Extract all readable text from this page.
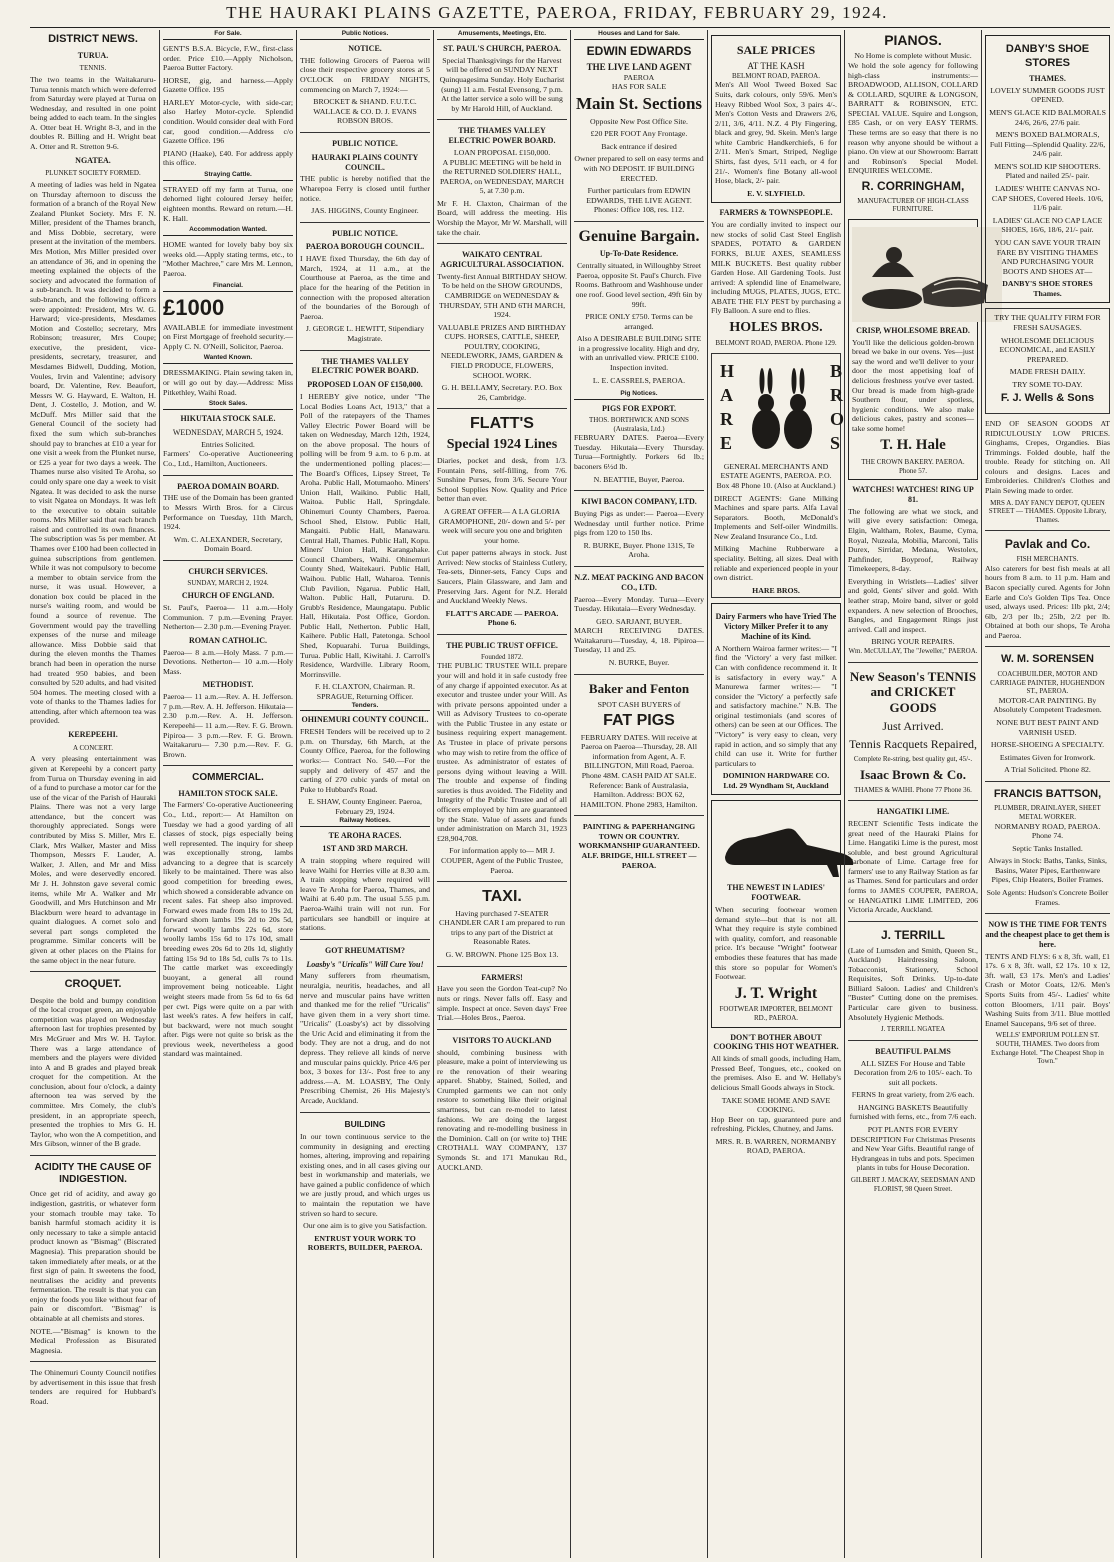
THE HAURAKI PLAINS GAZETTE, PAEROA, FRIDAY, FEBRUARY 29, 1924.
DISTRICT NEWS.
TURUA.
TENNIS.

The two teams in the Waitakaruru-Turua tennis match which were deferred from Saturday were played at Turua on Wednesday, and resulted in one point being added to each team. In the singles A. Otter beat H. Wright 8-3, and in the doubles R. Billing and H. Wright beat A. Otter and R. Stretton 9-6.

NGATEA.
PLUNKET SOCIETY FORMED.

A meeting of ladies was held in Ngatea on Thursday afternoon to discuss the formation of a branch of the Royal New Zealand Plunket Society. Mrs F. N. Miller, president of the Thames branch, and Miss Dobbie, secretary, were present at the invitation of the members. Mrs Motion, Mrs Miller presided over an attendance of 36, and in opening the meeting explained the objects of the society and advocated the formation of a sub-branch. It was decided to form a sub-branch, and the following officers were appointed: President, Mrs W. G. Harward; vice-presidents, Mesdames Motion and Costello; secretary, Mrs Robinson; treasurer, Mrs Coupe; executive, the president, vice-presidents, secretary, treasurer, and Mesdames Bidwell, Dudding, Motion, Voules, Irvin and Valentine; advisory board, Dr. Valentine, Rev. Beaufort, Messrs W. G. Hayward, E. Walton, H. Dent, J. Costello, J. Motion, and W. McDuff. Mrs Miller said that the General Council of the society had fixed the sum which sub-branches should pay to branches at £10 a year for one visit a week from the Plunket nurse, or £25 a year for two days a week. The Thames nurse also visited Te Aroha, so could only spare one day a week to visit Ngatea. It was decided to ask the nurse to visit Ngatea on Mondays. It was left to the executive to obtain suitable rooms. Mrs Miller said that each branch raised and controlled its own finances. The subscription was 5s per member. At Thames over £100 had been collected in guinea subscriptions from gentlemen. While it was not compulsory to become a member to obtain service from the nurse, it was usual. However, a donation box could be placed in the nurse's waiting room, and would be found a source of revenue. The Government would pay the travelling expenses of the nurse and mileage allowance. Miss Dobbie said that during the eleven months the Thames branch had been in operation the nurse had treated 950 babies, and been consulted by 520 adults, and had visited 504 homes. The meeting closed with a vote of thanks to the Thames ladies for attending, after which afternoon tea was provided.

KEREPEEHI.
A CONCERT.

A very pleasing entertainment was given at Kerepeehi by a concert party from Turua on Thursday evening in aid of a fund to purchase a motor car for the use of the vicar of the Parish of Hauraki Plains. There was not a very large attendance, but the concert was thoroughly appreciated. Songs were contributed by Miss S. Miller, Mrs E. Clark, Mrs Walker, Master and Miss Thompson, Messrs F. Lauder, A. Walker, J. Allen, and Mr and Miss Moles, and were deservedly encored. Mr J. H. Johnston gave several comic items, while Mr A. Walker and Mr Goodwill, and Mrs Hutchinson and Mr Blackburn were heard to advantage in quaint dialogues. A cornet solo and several part songs completed the programme. Similar concerts will be given at other places on the Plains for the same object in the near future.

CROQUET.

Despite the bold and bumpy condition of the local croquet green, an enjoyable competition was played on Wednesday afternoon last for trophies presented by Mrs McGruer and Mrs W. H. Taylor. There was a large attendance of members and the players were divided into A and B grades and played break croquet for the competition. At the conclusion, about four o'clock, a dainty afternoon tea was served by the committee. Mrs Comely, the club's president, in an appropriate speech, presented the trophies to Mrs G. H. Taylor, who won the A competition, and Mrs Gibson, winner of the B grade.

ACIDITY THE CAUSE OF INDIGESTION.

Once get rid of acidity, and away go indigestion, gastritis, or whatever form your stomach trouble may take. To banish harmful stomach acidity it is only necessary to take a simple antacid product known as "Bismag" (Biscrated Magnesia). This preparation should be taken immediately after meals, or at the first sign of pain. It sweetens the food, neutralises the acidity and prevents fermentation. The result is that you can enjoy the foods you like without fear of pain or discomfort. "Bismag" is obtainable at all chemists and stores.

NOTE.—"Bismag" is known to the Medical Profession as Bisurated Magnesia.

The Ohinemuri County Council notifies by advertisement in this issue that fresh tenders are required for Hubbard's Road.

For Sale.

GENT'S B.S.A. Bicycle, F.W., first-class order. Price £10.—Apply Nicholson, Paeroa Butter Factory.

HORSE, gig, and harness.—Apply Gazette Office. 195

HARLEY Motor-cycle, with side-car; also Harley Motor-cycle. Splendid condition. Would consider deal with Ford car, good condition.—Address c/o Gazette Office. 196

PIANO (Haake), £40. For address apply this office.

Straying Cattle.

STRAYED off my farm at Turua, one dehorned light coloured Jersey heifer, eighteen months. Reward on return.—H. K. Hall.

Accommodation Wanted.

HOME wanted for lovely baby boy six weeks old.—Apply stating terms, etc., to "Mother Machree," care Mrs M. Lennon, Paeroa.

Financial.
£1000

AVAILABLE for immediate investment on First Mortgage of freehold security.—Apply C. N. O'Neill, Solicitor, Paeroa.

Wanted Known.

DRESSMAKING. Plain sewing taken in, or will go out by day.—Address: Miss Pitkethley, Waihi Road.

Stock Sales.
HIKUTAIA STOCK SALE.
WEDNESDAY, MARCH 5, 1924.
Entries Solicited.

Farmers' Co-operative Auctioneering Co., Ltd., Hamilton, Auctioneers.

PAEROA DOMAIN BOARD.

THE use of the Domain has been granted to Messrs Wirth Bros. for a Circus Performance on Tuesday, 11th March, 1924.

Wm. C. ALEXANDER, Secretary, Domain Board.
CHURCH SERVICES.
SUNDAY, MARCH 2, 1924.
CHURCH OF ENGLAND.

St. Paul's, Paeroa— 11 a.m.—Holy Communion. 7 p.m.—Evening Prayer. Netherton— 2.30 p.m.—Evening Prayer.

ROMAN CATHOLIC.

Paeroa— 8 a.m.—Holy Mass. 7 p.m.—Devotions. Netherton— 10 a.m.—Holy Mass.

METHODIST.

Paeroa— 11 a.m.—Rev. A. H. Jefferson. 7 p.m.—Rev. A. H. Jefferson. Hikutaia— 2.30 p.m.—Rev. A. H. Jefferson. Kerepeehi— 11 a.m.—Rev. F. G. Brown. Pipiroa— 3 p.m.—Rev. F. G. Brown. Waitakaruru— 7.30 p.m.—Rev. F. G. Brown.

COMMERCIAL.
HAMILTON STOCK SALE.

The Farmers' Co-operative Auctioneering Co., Ltd., report:— At Hamilton on Tuesday we had a good yarding of all classes of stock, pigs especially being well represented. The inquiry for sheep was exceptionally strong, lambs advancing to a degree that is scarcely likely to be maintained. There was also good competition for breeding ewes, which showed a considerable advance on recent sales. Fat sheep also improved. Forward ewes made from 18s to 19s 2d, forward shorn lambs 19s 2d to 20s 5d, forward woolly lambs 22s 6d, store woolly lambs 15s 6d to 17s 10d, small breeding ewes 20s 6d to 20s 1d, slightly fatting 15s 9d to 18s 5d, culls 7s to 11s. The cattle market was exceedingly buoyant, a general all round improvement being noticeable. Light weight steers made from 5s 6d to 6s 6d per cwt. Pigs were quite on a par with last week's rates. A few heifers in calf, but backward, were not much sought after. Pigs were not quite so brisk as the previous week, nevertheless a good standard was maintained.

Public Notices.
NOTICE.

THE following Grocers of Paeroa will close their respective grocery stores at 5 O'CLOCK on FRIDAY NIGHTS, commencing on March 7, 1924:—

BROCKET & SHAND. F.U.T.C. WALLACE & CO. D. J. EVANS ROBSON BROS.
PUBLIC NOTICE.
HAURAKI PLAINS COUNTY COUNCIL.

THE public is hereby notified that the Wharepoa Ferry is closed until further notice.

JAS. HIGGINS, County Engineer.
PUBLIC NOTICE.
PAEROA BOROUGH COUNCIL.

I HAVE fixed Thursday, the 6th day of March, 1924, at 11 a.m., at the Courthouse at Paeroa, as the time and place for the hearing of the Petition in connection with the proposed alteration of the boundaries of the Borough of Paeroa.

J. GEORGE L. HEWITT, Stipendiary Magistrate.
THE THAMES VALLEY ELECTRIC POWER BOARD.
PROPOSED LOAN OF £150,000.

I HEREBY give notice, under "The Local Bodies Loans Act, 1913," that a Poll of the ratepayers of the Thames Valley Electric Power Board will be taken on Wednesday, March 12th, 1924, on the above proposal. The hours of polling will be from 9 a.m. to 6 p.m. at the undermentioned polling places:— The Board's Offices, Lipsey Street, Te Aroha. Public Hall, Motumaoho. Miners' Union Hall, Waikino. Public Hall, Waitoa. Public Hall, Springdale. Ohinemuri County Chambers, Paeroa. School Shed, Elstow. Public Hall, Mangaiti. Public Hall, Manawaru. Central Hall, Thames. Public Hall, Kopu. Miners' Union Hall, Karangahake. Council Chambers, Waihi. Ohinemuri County Shed, Waitekauri. Public Hall, Waihou. Public Hall, Waharoa. Tennis Club Pavilion, Ngarua. Public Hall, Walton. Public Hall, Putaruru. D. Grubb's Residence, Maungatapu. Public Hall, Hikutaia. Post Office, Gordon. Public Hall, Netherton. Public Hall, Kaihere. Public Hall, Patetonga. School Shed, Kopuarahi. Turua Buildings, Turua. Public Hall, Kiwitahi. J. Carroll's Residence, Wardville. Library Room, Morrinsville.

F. H. CLAXTON, Chairman. R. SPRAGUE, Returning Officer.
Tenders.
OHINEMURI COUNTY COUNCIL.

FRESH Tenders will be received up to 2 p.m. on Thursday, 6th March, at the County Office, Paeroa, for the following works:— Contract No. 540.—For the supply and delivery of 457 and the carting of 270 cubic yards of metal on Puke to Hubbard's Road.

E. SHAW, County Engineer. Paeroa, February 29, 1924.
Railway Notices.
TE AROHA RACES.
1ST AND 3RD MARCH.

A train stopping where required will leave Waihi for Herries ville at 8.30 a.m. A train stopping where required will leave Te Aroha for Paeroa, Thames, and Waihi at 6.40 p.m. The usual 5.55 p.m. Paeroa-Waihi train will not run. For particulars see handbill or inquire at stations.

GOT RHEUMATISM?
Loasby's "Uricalis" Will Cure You!

Many sufferers from rheumatism, neuralgia, neuritis, headaches, and all nerve and muscular pains have written and thanked me for the relief "Uricalis" have given them in a very short time. "Uricalis" (Loasby's) act by dissolving the Uric Acid and eliminating it from the body. They are not a drug, and do not depress. They relieve all kinds of nerve and muscular pains quickly. Price 4/6 per box, 3 boxes for 13/-. Post free to any address.—A. M. LOASBY, The Only Prescribing Chemist, 26 His Majesty's Arcade, Auckland.

BUILDING

In our town continuous service to the community in designing and erecting homes, altering, improving and repairing existing ones, and in all cases giving our best in workmanship and materials, we have gained a public confidence of which we are justly proud, and which urges us to maintain the reputation we have striven so hard to secure.

Our one aim is to give you Satisfaction.
ENTRUST YOUR WORK TO ROBERTS, BUILDER, PAEROA.
Amusements, Meetings, Etc.
ST. PAUL'S CHURCH, PAEROA.

Special Thanksgivings for the Harvest will be offered on SUNDAY NEXT Quinquagesima Sunday. Holy Eucharist (sung) 11 a.m. Festal Evensong, 7 p.m. At the latter service a solo will be sung by Mr Harold Hill, of Auckland.

THE THAMES VALLEY ELECTRIC POWER BOARD.
LOAN PROPOSAL £150,000.

A PUBLIC MEETING will be held in the RETURNED SOLDIERS' HALL, PAEROA, on WEDNESDAY, MARCH 5, at 7.30 p.m.

Mr F. H. Claxton, Chairman of the Board, will address the meeting. His Worship the Mayor, Mr W. Marshall, will take the chair.

WAIKATO CENTRAL AGRICULTURAL ASSOCIATION.
Twenty-first Annual BIRTHDAY SHOW.

To be held on the SHOW GROUNDS, CAMBRIDGE on WEDNESDAY & THURSDAY, 5TH AND 6TH MARCH, 1924.

VALUABLE PRIZES AND BIRTHDAY CUPS. HORSES, CATTLE, SHEEP, POULTRY, COOKING, NEEDLEWORK, JAMS, GARDEN & FIELD PRODUCE, FLOWERS, SCHOOL WORK.

G. H. BELLAMY, Secretary. P.O. Box 26, Cambridge.
FLATT'S
Special 1924 Lines

Diaries, pocket and desk, from 1/3. Fountain Pens, self-filling, from 7/6. Sunshine Purses, from 3/6. Secure Your School Supplies Now. Quality and Price better than ever.

A GREAT OFFER— A LA GLORIA GRAMOPHONE, 20/- down and 5/- per week will secure you one and brighten your home.

Cut paper patterns always in stock. Just Arrived: New stocks of Stainless Cutlery, Tea-sets, Dinner-sets, Fancy Cups and Saucers, Plain Glassware, and Jam and Preserving Jars. Agent for N.Z. Herald and Auckland Weekly News.

FLATT'S ARCADE — PAEROA. Phone 6.
THE PUBLIC TRUST OFFICE.
Founded 1872.

THE PUBLIC TRUSTEE WILL prepare your will and hold it in safe custody free of any charge if appointed executor. As at executor and trustee under your Will. As with private persons appointed under a Will as Advisory Trustees to co-operate with the Public Trustee in any estate or business requiring expert management. As Trustee in place of private persons who may wish to retire from the office of trustee. As administrator of estates of persons dying without leaving a Will. The trouble and expense of finding sureties is thus avoided. The Fidelity and Integrity of the Public Trustee and of all officers employed by him are guaranteed by the State. Value of assets and funds under administration on March 31, 1923 £28,904,708.

For information apply to— MR J. COUPER, Agent of the Public Trustee, Paeroa.

TAXI.

Having purchased 7-SEATER CHANDLER CAR I am prepared to run trips to any part of the District at Reasonable Rates.

G. W. BROWN. Phone 125 Box 13.
FARMERS!

Have you seen the Gordon Teat-cup? No nuts or rings. Never falls off. Easy and simple. Inspect at once. Seven days' Free Trial.—Holes Bros., Paeroa.

VISITORS TO AUCKLAND

should, combining business with pleasure, make a point of interviewing us re the renovation of their wearing apparel. Shabby, Stained, Soiled, and Crumpled garments we can not only restore to something like their original smartness, but can re-model to latest fashions. We are doing the largest renovating and re-modelling business in the Dominion. Call on (or write to) THE CROTHALL WAY COMPANY, 137 Symonds St. and 171 Manukau Rd., AUCKLAND.

Houses and Land for Sale.
EDWIN EDWARDS
THE LIVE LAND AGENT
PAEROA
HAS FOR SALE
Main St. Sections

Opposite New Post Office Site.

£20 PER FOOT Any Frontage.

Back entrance if desired

Owner prepared to sell on easy terms and with NO DEPOSIT. IF BUILDING ERECTED.

Further particulars from EDWIN EDWARDS, THE LIVE AGENT. Phones: Office 108, res. 112.

Genuine Bargain.
Up-To-Date Residence.

Centrally situated, in Willoughby Street Paeroa, opposite St. Paul's Church. Five Rooms. Bathroom and Washhouse under one roof. Good level section, 49ft 6in by 99ft.

PRICE ONLY £750. Terms can be arranged.

Also A DESIRABLE BUILDING SITE in a progressive locality. High and dry, with an unrivalled view. PRICE £100. Inspection invited.

L. E. CASSRELS, PAEROA.
Pig Notices.
PIGS FOR EXPORT.
THOS. BORTHWICK AND SONS (Australasia, Ltd.)

FEBRUARY DATES. Paeroa—Every Tuesday. Hikutaia—Every Thursday. Turua—Fortnightly. Porkers 6d lb.; baconers 6½d lb.

N. BEATTIE, Buyer, Paeroa.
KIWI BACON COMPANY, LTD.

Buying Pigs as under:— Paeroa—Every Wednesday until further notice. Prime pigs from 120 to 150 lbs.

R. BURKE, Buyer. Phone 131S, Te Aroha.
N.Z. MEAT PACKING AND BACON CO., LTD.

Paeroa—Every Monday. Turua—Every Tuesday. Hikutaia—Every Wednesday.

GEO. SARJANT, BUYER.

MARCH RECEIVING DATES. Waitakaruru—Tuesday, 4, 18. Pipiroa—Tuesday, 11 and 25.

N. BURKE, Buyer.
Baker and Fenton
SPOT CASH BUYERS of
FAT PIGS

FEBRUARY DATES. Will receive at Paeroa on Paeroa—Thursday, 28. All information from Agent, A. F. BILLINGTON, Mill Road, Paeroa. Phone 48M. CASH PAID AT SALE. Reference: Bank of Australasia, Hamilton. Address: BOX 62, HAMILTON. Phone 2983, Hamilton.

PAINTING & PAPERHANGING TOWN OR COUNTRY. WORKMANSHIP GUARANTEED. ALF. BRIDGE, HILL STREET — PAEROA.

SALE PRICES
AT THE KASH
BELMONT ROAD, PAEROA.

Men's All Wool Tweed Boxed Sac Suits, dark colours, only 59/6. Men's Heavy Ribbed Wool Sox, 3 pairs 4/-. Men's Cotton Vests and Drawers 2/6, 2/11, 3/6, 4/11. N.Z. 4 Ply Fingering, black and grey, 9d. Skein. Men's large white Cambric Handkerchiefs, 6 for 2/11. Men's Smart, Striped, Neglige Shirts, fast dyes, 5/11 each, or 4 for 21/-. Women's fine Botany all-wool Hose, black, 2/- pair.

E. V. SLYFIELD.
FARMERS & TOWNSPEOPLE.

You are cordially invited to inspect our new stocks of solid Cast Steel English SPADES, POTATO & GARDEN FORKS, BLUE AXES, SEAMLESS MILK BUCKETS. Best quality rubber Garden Hose. All Gardening Tools. Just arrived: A splendid line of Enamelware, including MUGS, PLATES, JUGS, ETC. ABATE THE FLY PEST by purchasing a Fly Balloon. A sure end to flies.

HOLES BROS.
BELMONT ROAD, PAEROA. Phone 129.
H
A
R
E
B
R
O
S

GENERAL MERCHANTS AND ESTATE AGENTS, PAEROA. P.O. Box 48 Phone 10. (Also at Auckland.)

DIRECT AGENTS: Gane Milking Machines and spare parts. Alfa Laval Separators. Booth, McDonald's Implements and Self-oiler Windmills. New Zealand Insurance Co., Ltd.

Milking Machine Rubberware a speciality. Belting, all sizes. Deal with reliable and experienced people in your own district.

HARE BROS.
Dairy Farmers who have Tried The Victory Milker Prefer it to any Machine of its Kind.

A Northern Wairoa farmer writes:— "I find the 'Victory' a very fast milker. Can with confidence recommend it. It is satisfactory in every way." A Manurewa farmer writes:— "I consider the 'Victory' a perfectly safe and satisfactory machine." N.B. The original testimonials (and scores of others) can be seen at our Offices. The "Victory" is very easy to clean, very rapid in action, and so simply that any child can use it. Write for further particulars to

DOMINION HARDWARE CO. Ltd. 29 Wyndham St, Auckland
THE NEWEST IN LADIES' FOOTWEAR.

When securing footwear women demand style—but that is not all. What they require is style combined with quality, comfort, and reasonable price. It's because "Wright" footwear embodies these features that has made this store so popular for Women's Footwear.

J. T. Wright
FOOTWEAR IMPORTER, BELMONT RD., PAEROA.
DON'T BOTHER ABOUT COOKING THIS HOT WEATHER.

All kinds of small goods, including Ham, Pressed Beef, Tongues, etc., cooked on the premises. Also E. and W. Hellaby's delicious Small Goods always in Stock.

TAKE SOME HOME AND SAVE COOKING.

Hop Beer on tap, guaranteed pure and refreshing. Pickles, Chutney, and Jams.

MRS. R. B. WARREN, NORMANBY ROAD, PAEROA.
PIANOS.
No Home is complete without Music.

We hold the sole agency for following high-class instruments:— BROADWOOD, ALLISON, COLLARD & COLLARD, SQUIRE & LONGSON, BARRATT & ROBINSON, ETC. SPECIAL VALUE. Squire and Longson, £85 Cash, or on very EASY TERMS. These terms are so easy that there is no reason why anyone should be without a piano. On view at our Showroom: Barratt and Robinson's Special Model. ENQUIRIES WELCOME.

R. CORRINGHAM,
MANUFACTURER OF HIGH-CLASS FURNITURE.
CRISP, WHOLESOME BREAD.

You'll like the delicious golden-brown bread we bake in our ovens. Yes—just say the word and we'll deliver to your door the most appetising loaf of delicious freshness you've ever tasted. Our bread is made from high-grade Southern flour, under spotless, hygienic conditions. We also make delicious cakes, pastry and scones—take some home!

T. H. Hale
THE CROWN BAKERY. PAEROA. Phone 57.
WATCHES! WATCHES! RING UP 81.

The following are what we stock, and will give every satisfaction: Omega, Elgin, Waltham, Rolex, Baume, Cyma, Royal, Nuzeala, Mobilia, Marconi, Talis Durex, Sirridar, Medana, Westolex, Pathfinder, Boyproof, Railway Timekeepers, 8-day.

Everything in Wristlets—Ladies' silver and gold, Gents' silver and gold. With leather strap, Moire band, silver or gold expanders. A new selection of Brooches, Bangles, and Engagement Rings just arrived. Call and inspect.

BRING YOUR REPAIRS.
Wm. McCULLAY, The "Jeweller," PAEROA.
New Season's TENNIS and CRICKET GOODS
Just Arrived.
Tennis Racquets Repaired,
Complete Re-string, best quality gut, 45/-.
Isaac Brown & Co.
THAMES & WAIHI. Phone 77 Phone 36.
HANGATIKI LIME.

RECENT Scientific Tests indicate the great need of the Hauraki Plains for Lime. Hangatiki Lime is the purest, most soluble, and best ground Agricultural Carbonate of Lime. Cartage free for farmers' use to any Railway Station as far as Thames. Send for particulars and order forms to JAMES COUPER, PAEROA, or HANGATIKI LIME LIMITED, 206 Victoria Arcade, Auckland.

J. TERRILL

(Late of Lumsden and Smith, Queen St., Auckland) Hairdressing Saloon, Tobacconist, Stationery, School Requisites, Soft Drinks. Up-to-date Billiard Saloon. Ladies' and Children's "Buster" Cutting done on the premises. Particular care given to business. Absolutely Hygienic Methods.

J. TERRILL NGATEA
BEAUTIFUL PALMS

ALL SIZES For House and Table Decoration from 2/6 to 105/- each. To suit all pockets.

FERNS In great variety, from 2/6 each.

HANGING BASKETS Beautifully furnished with ferns, etc., from 7/6 each.

POT PLANTS FOR EVERY DESCRIPTION For Christmas Presents and New Year Gifts. Beautiful range of Hydrangeas in tubs and pots. Specimen plants in tubs for House Decoration.

GILBERT J. MACKAY, SEEDSMAN AND FLORIST, 98 Queen Street.
DANBY'S SHOE STORES
THAMES.

LOVELY SUMMER GOODS JUST OPENED.

MEN'S GLACE KID BALMORALS 24/6, 26/6, 27/6 pair.

MEN'S BOXED BALMORALS, Full Fitting—Splendid Quality. 22/6, 24/6 pair.

MEN'S SOLID KIP SHOOTERS. Plated and nailed 25/- pair.

LADIES' WHITE CANVAS NO-CAP SHOES, Covered Heels. 10/6, 11/6 pair.

LADIES' GLACE NO CAP LACE SHOES, 16/6, 18/6, 21/- pair.

YOU CAN SAVE YOUR TRAIN FARE BY VISITING THAMES AND PURCHASING YOUR BOOTS AND SHOES AT—

DANBY'S SHOE STORES Thames.

TRY THE QUALITY FIRM FOR FRESH SAUSAGES.

WHOLESOME DELICIOUS ECONOMICAL, and EASILY PREPARED.

MADE FRESH DAILY.

TRY SOME TO-DAY.

F. J. Wells & Sons

END OF SEASON GOODS AT RIDICULOUSLY LOW PRICES. Ginghams, Crepes, Organdies. Bias Trimmings. Folded double, half the trouble. Ready for stitching on. All colours and designs. Laces and Embroideries. Children's Clothes and Plain Sewing made to order.

MRS A. DAY FANCY DEPOT, QUEEN STREET — THAMES. Opposite Library, Thames.
Pavlak and Co.
FISH MERCHANTS.

Also caterers for best fish meals at all hours from 8 a.m. to 11 p.m. Ham and Bacon specially cured. Agents for John Earle and Co's Golden Tips Tea. Once used, always used. Prices: 1lb pkt, 2/4; 6lb, 2/3 per lb.; 25lb, 2/2 per lb. Obtained at both our shops, Te Aroha and Paeroa.

W. M. SORENSEN
COACHBUILDER, MOTOR AND CARRIAGE PAINTER, HUGHENDON ST., PAEROA.

MOTOR-CAR PAINTING. By Absolutely Competent Tradesmen.

NONE BUT BEST PAINT AND VARNISH USED.

HORSE-SHOEING A SPECIALTY.

Estimates Given for Ironwork.

A Trial Solicited. Phone 82.

FRANCIS BATTSON,
PLUMBER, DRAINLAYER, SHEET METAL WORKER.

NORMANBY ROAD, PAEROA. Phone 74.

Septic Tanks Installed.

Always in Stock: Baths, Tanks, Sinks, Basins, Water Pipes, Earthenware Pipes, Chip Heaters, Boiler Frames.

Sole Agents: Hudson's Concrete Boiler Frames.

NOW IS THE TIME FOR TENTS and the cheapest place to get them is here.

TENTS AND FLYS: 6 x 8, 3ft. wall, £1 17s. 6 x 8, 3ft. wall, £2 17s. 10 x 12, 3ft. wall, £3 17s. Men's and Ladies' Crash or Motor Coats, 12/6. Men's Sports Suits from 45/-. Ladies' white cotton Bloomers, 1/11 pair. Boys' Washing Suits from 3/11. Blue mottled Enamel Saucepans, 9/6 set of three.

WELLS' EMPORIUM POLLEN ST. SOUTH, THAMES. Two doors from Exchange Hotel. "The Cheapest Shop in Town."
